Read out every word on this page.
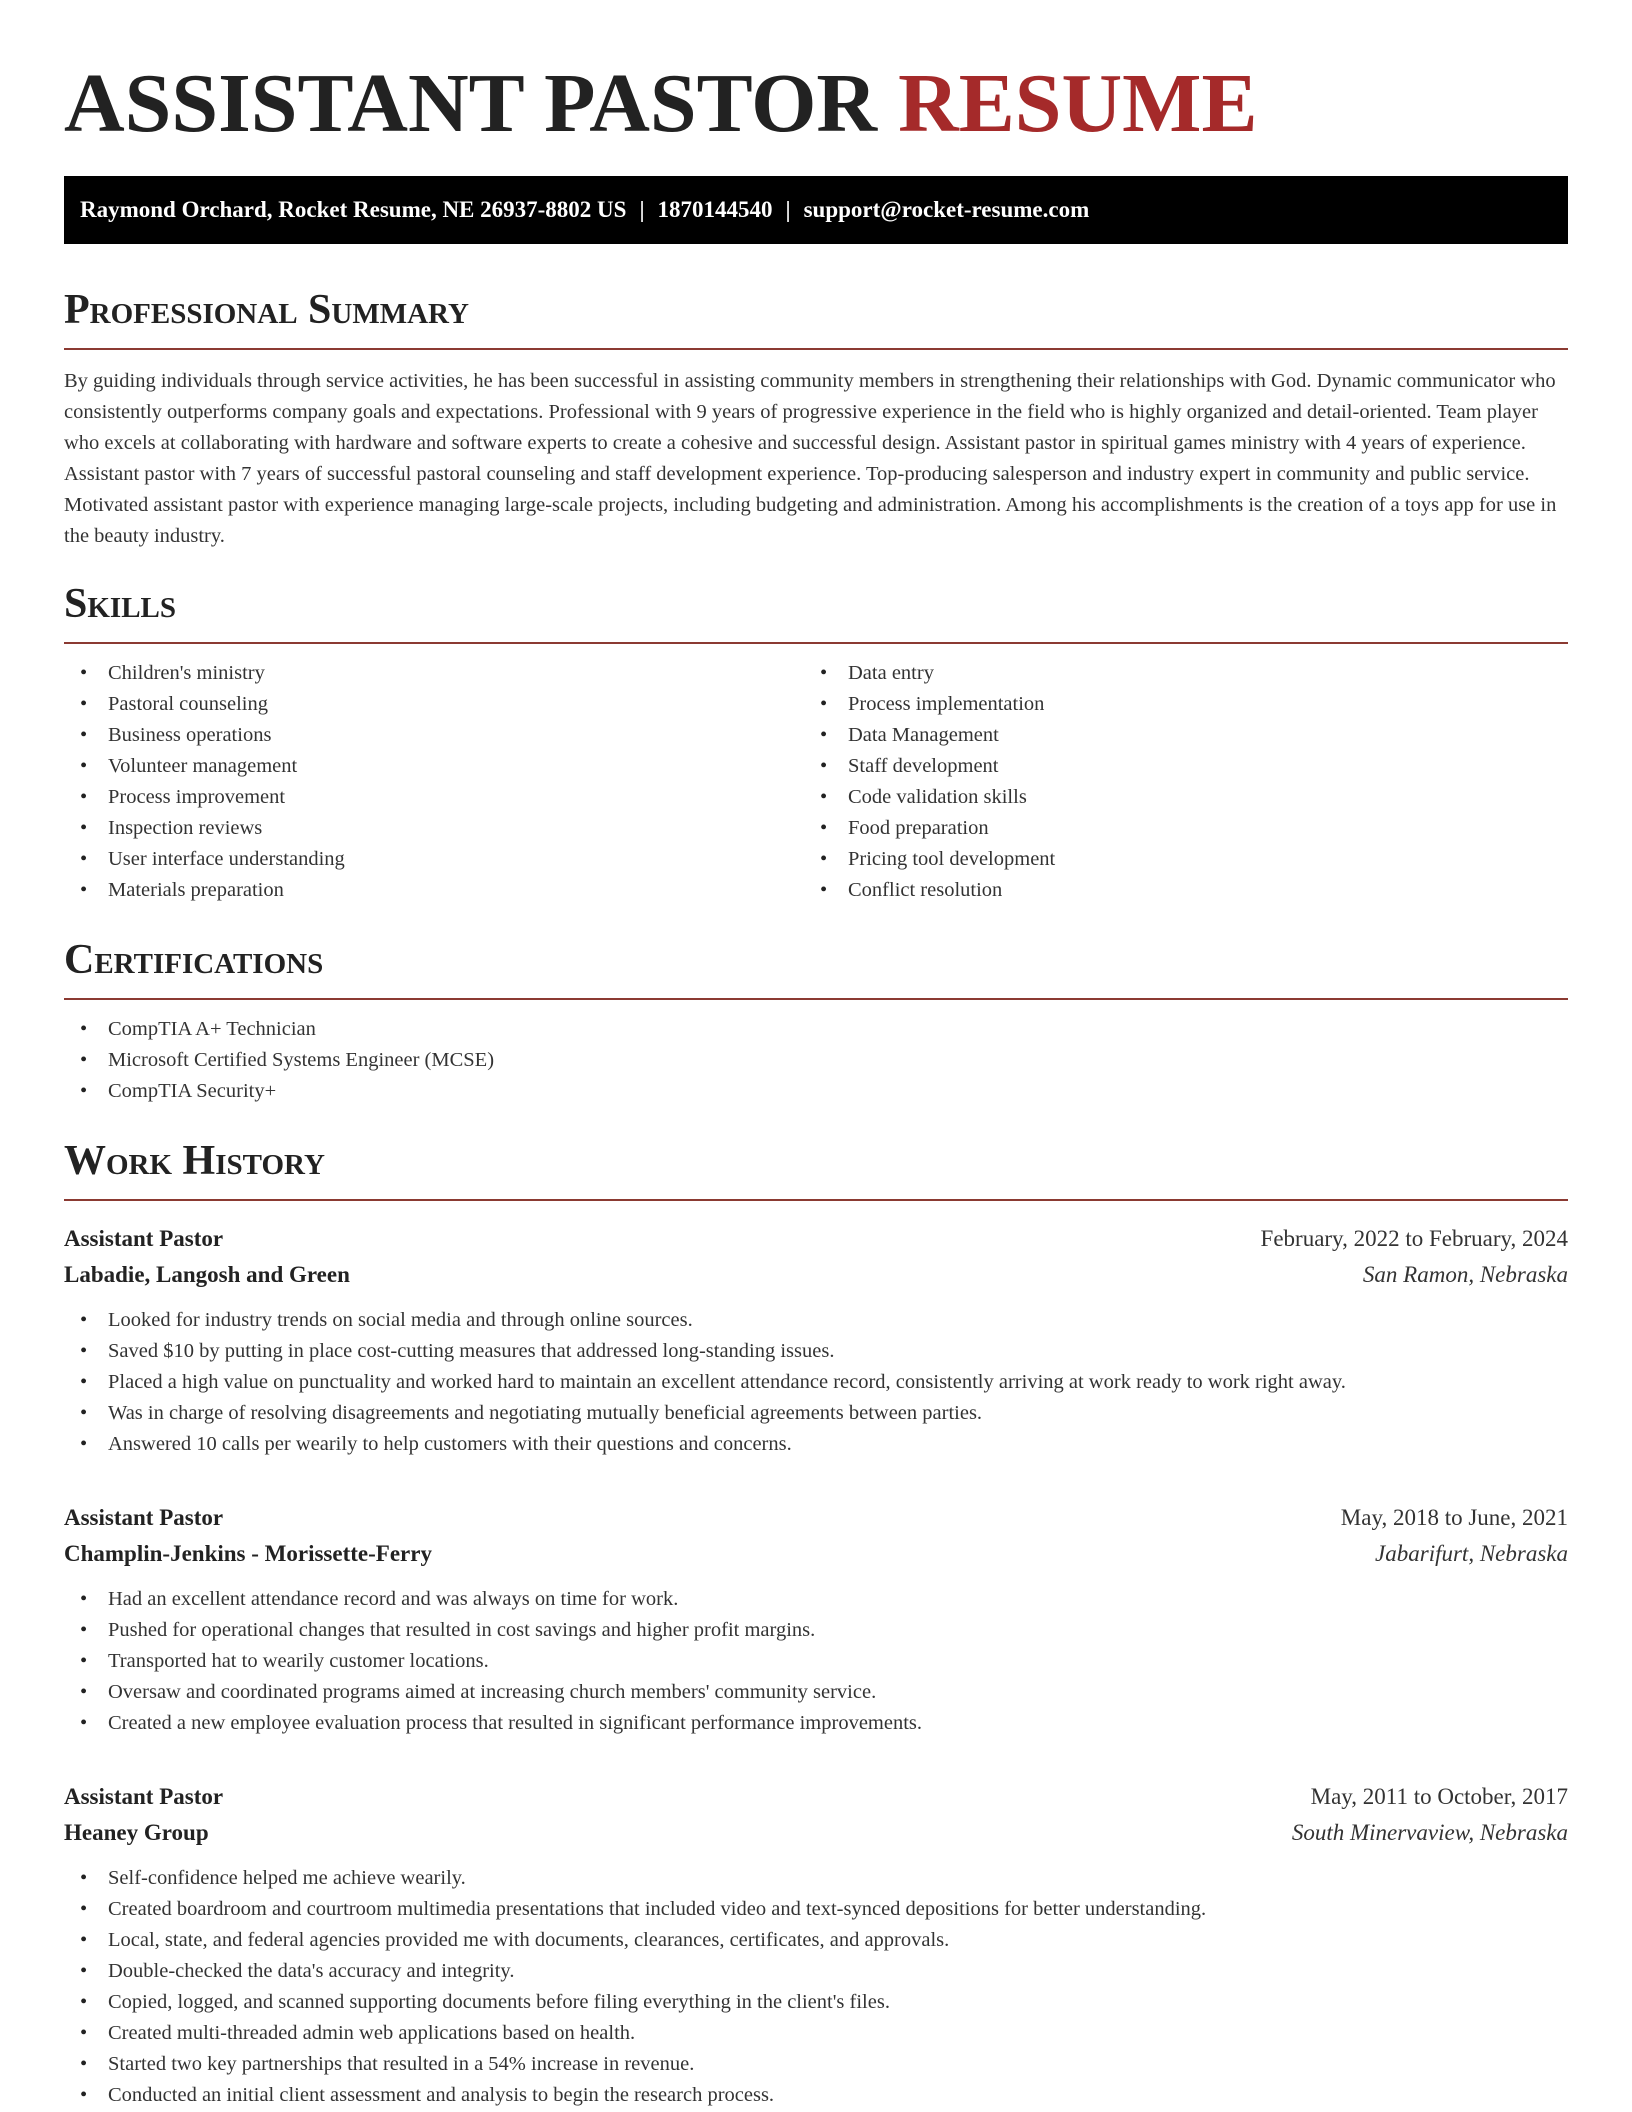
ASSISTANT PASTOR RESUME
Raymond Orchard, Rocket Resume, NE 26937-8802 US | 1870144540 | support@rocket-resume.com
Professional Summary

By guiding individuals through service activities, he has been successful in assisting community members in strengthening their relationships with God. Dynamic communicator who consistently outperforms company goals and expectations. Professional with 9 years of progressive experience in the field who is highly organized and detail-oriented. Team player who excels at collaborating with hardware and software experts to create a cohesive and successful design. Assistant pastor in spiritual games ministry with 4 years of experience. Assistant pastor with 7 years of successful pastoral counseling and staff development experience. Top-producing salesperson and industry expert in community and public service. Motivated assistant pastor with experience managing large-scale projects, including budgeting and administration. Among his accomplishments is the creation of a toys app for use in the beauty industry.

Skills
• Children's ministry
• Pastoral counseling
• Business operations
• Volunteer management
• Process improvement
• Inspection reviews
• User interface understanding
• Materials preparation
• Data entry
• Process implementation
• Data Management
• Staff development
• Code validation skills
• Food preparation
• Pricing tool development
• Conflict resolution
Certifications
• CompTIA A+ Technician
• Microsoft Certified Systems Engineer (MCSE)
• CompTIA Security+
Work History
Assistant Pastor	February, 2022 to February, 2024
Labadie, Langosh and Green	San Ramon, Nebraska
• Looked for industry trends on social media and through online sources.
• Saved $10 by putting in place cost-cutting measures that addressed long-standing issues.
• Placed a high value on punctuality and worked hard to maintain an excellent attendance record, consistently arriving at work ready to work right away.
• Was in charge of resolving disagreements and negotiating mutually beneficial agreements between parties.
• Answered 10 calls per wearily to help customers with their questions and concerns.
Assistant Pastor	May, 2018 to June, 2021
Champlin-Jenkins - Morissette-Ferry	Jabarifurt, Nebraska
• Had an excellent attendance record and was always on time for work.
• Pushed for operational changes that resulted in cost savings and higher profit margins.
• Transported hat to wearily customer locations.
• Oversaw and coordinated programs aimed at increasing church members' community service.
• Created a new employee evaluation process that resulted in significant performance improvements.
Assistant Pastor	May, 2011 to October, 2017
Heaney Group	South Minervaview, Nebraska
• Self-confidence helped me achieve wearily.
• Created boardroom and courtroom multimedia presentations that included video and text-synced depositions for better understanding.
• Local, state, and federal agencies provided me with documents, clearances, certificates, and approvals.
• Double-checked the data's accuracy and integrity.
• Copied, logged, and scanned supporting documents before filing everything in the client's files.
• Created multi-threaded admin web applications based on health.
• Started two key partnerships that resulted in a 54% increase in revenue.
• Conducted an initial client assessment and analysis to begin the research process.
